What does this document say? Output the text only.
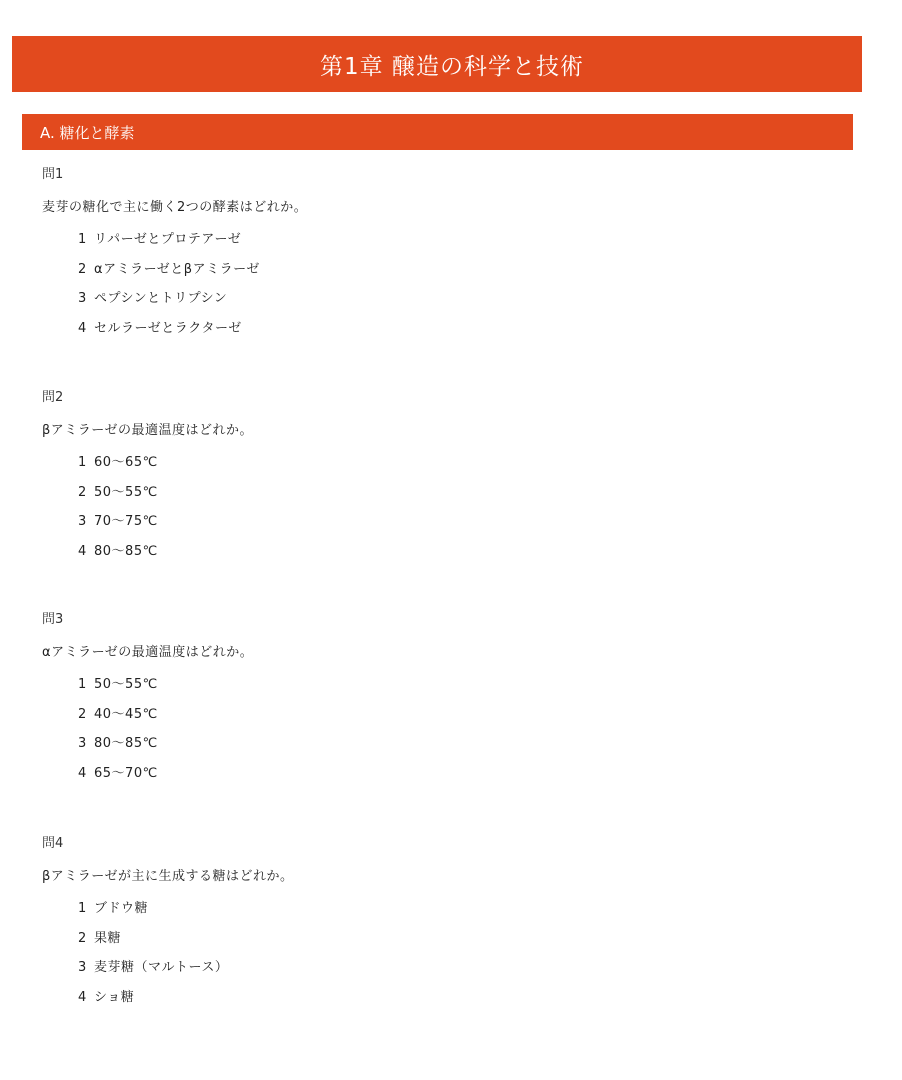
第1章 醸造の科学と技術
A. 糖化と酵素
問1
麦芽の糖化で主に働く2つの酵素はどれか。
1 リパーゼとプロテアーゼ
2 αアミラーゼとβアミラーゼ
3 ペプシンとトリプシン
4 セルラーゼとラクターゼ
問2
βアミラーゼの最適温度はどれか。
1 60〜65℃
2 50〜55℃
3 70〜75℃
4 80〜85℃
問3
αアミラーゼの最適温度はどれか。
1 50〜55℃
2 40〜45℃
3 80〜85℃
4 65〜70℃
問4
βアミラーゼが主に生成する糖はどれか。
1 ブドウ糖
2 果糖
3 麦芽糖（マルトース）
4 ショ糖
